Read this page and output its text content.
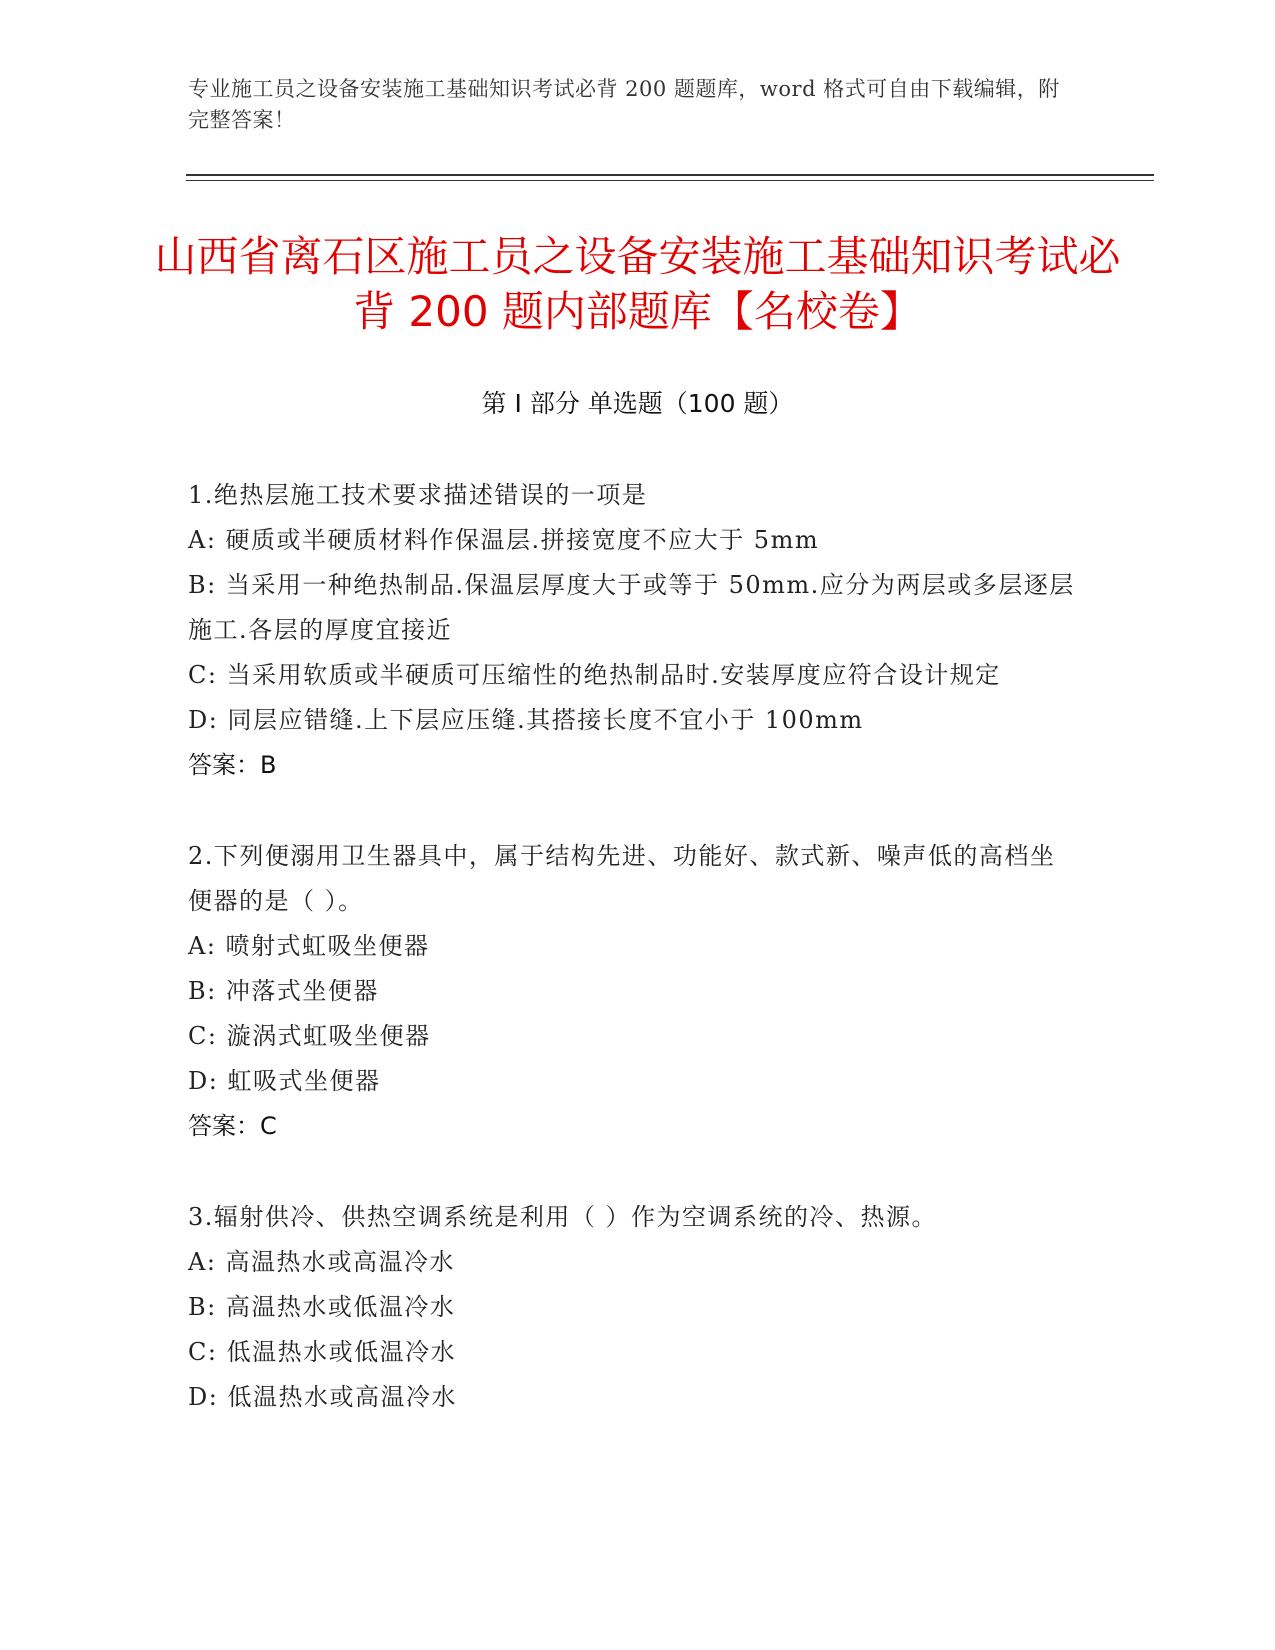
专业施工员之设备安装施工基础知识考试必背 200 题题库，word 格式可自由下载编辑，附完整答案！
山西省离石区施工员之设备安装施工基础知识考试必背 200 题内部题库【名校卷】
第 I 部分 单选题（100 题）
1.绝热层施工技术要求描述错误的一项是
A: 硬质或半硬质材料作保温层.拼接宽度不应大于 5mm
B: 当采用一种绝热制品.保温层厚度大于或等于 50mm.应分为两层或多层逐层施工.各层的厚度宜接近
C: 当采用软质或半硬质可压缩性的绝热制品时.安装厚度应符合设计规定
D: 同层应错缝.上下层应压缝.其搭接长度不宜小于 100mm
答案：B
2.下列便溺用卫生器具中，属于结构先进、功能好、款式新、噪声低的高档坐便器的是（ ）。
A: 喷射式虹吸坐便器
B: 冲落式坐便器
C: 漩涡式虹吸坐便器
D: 虹吸式坐便器
答案：C
3.辐射供冷、供热空调系统是利用（ ）作为空调系统的冷、热源。
A: 高温热水或高温冷水
B: 高温热水或低温冷水
C: 低温热水或低温冷水
D: 低温热水或高温冷水
